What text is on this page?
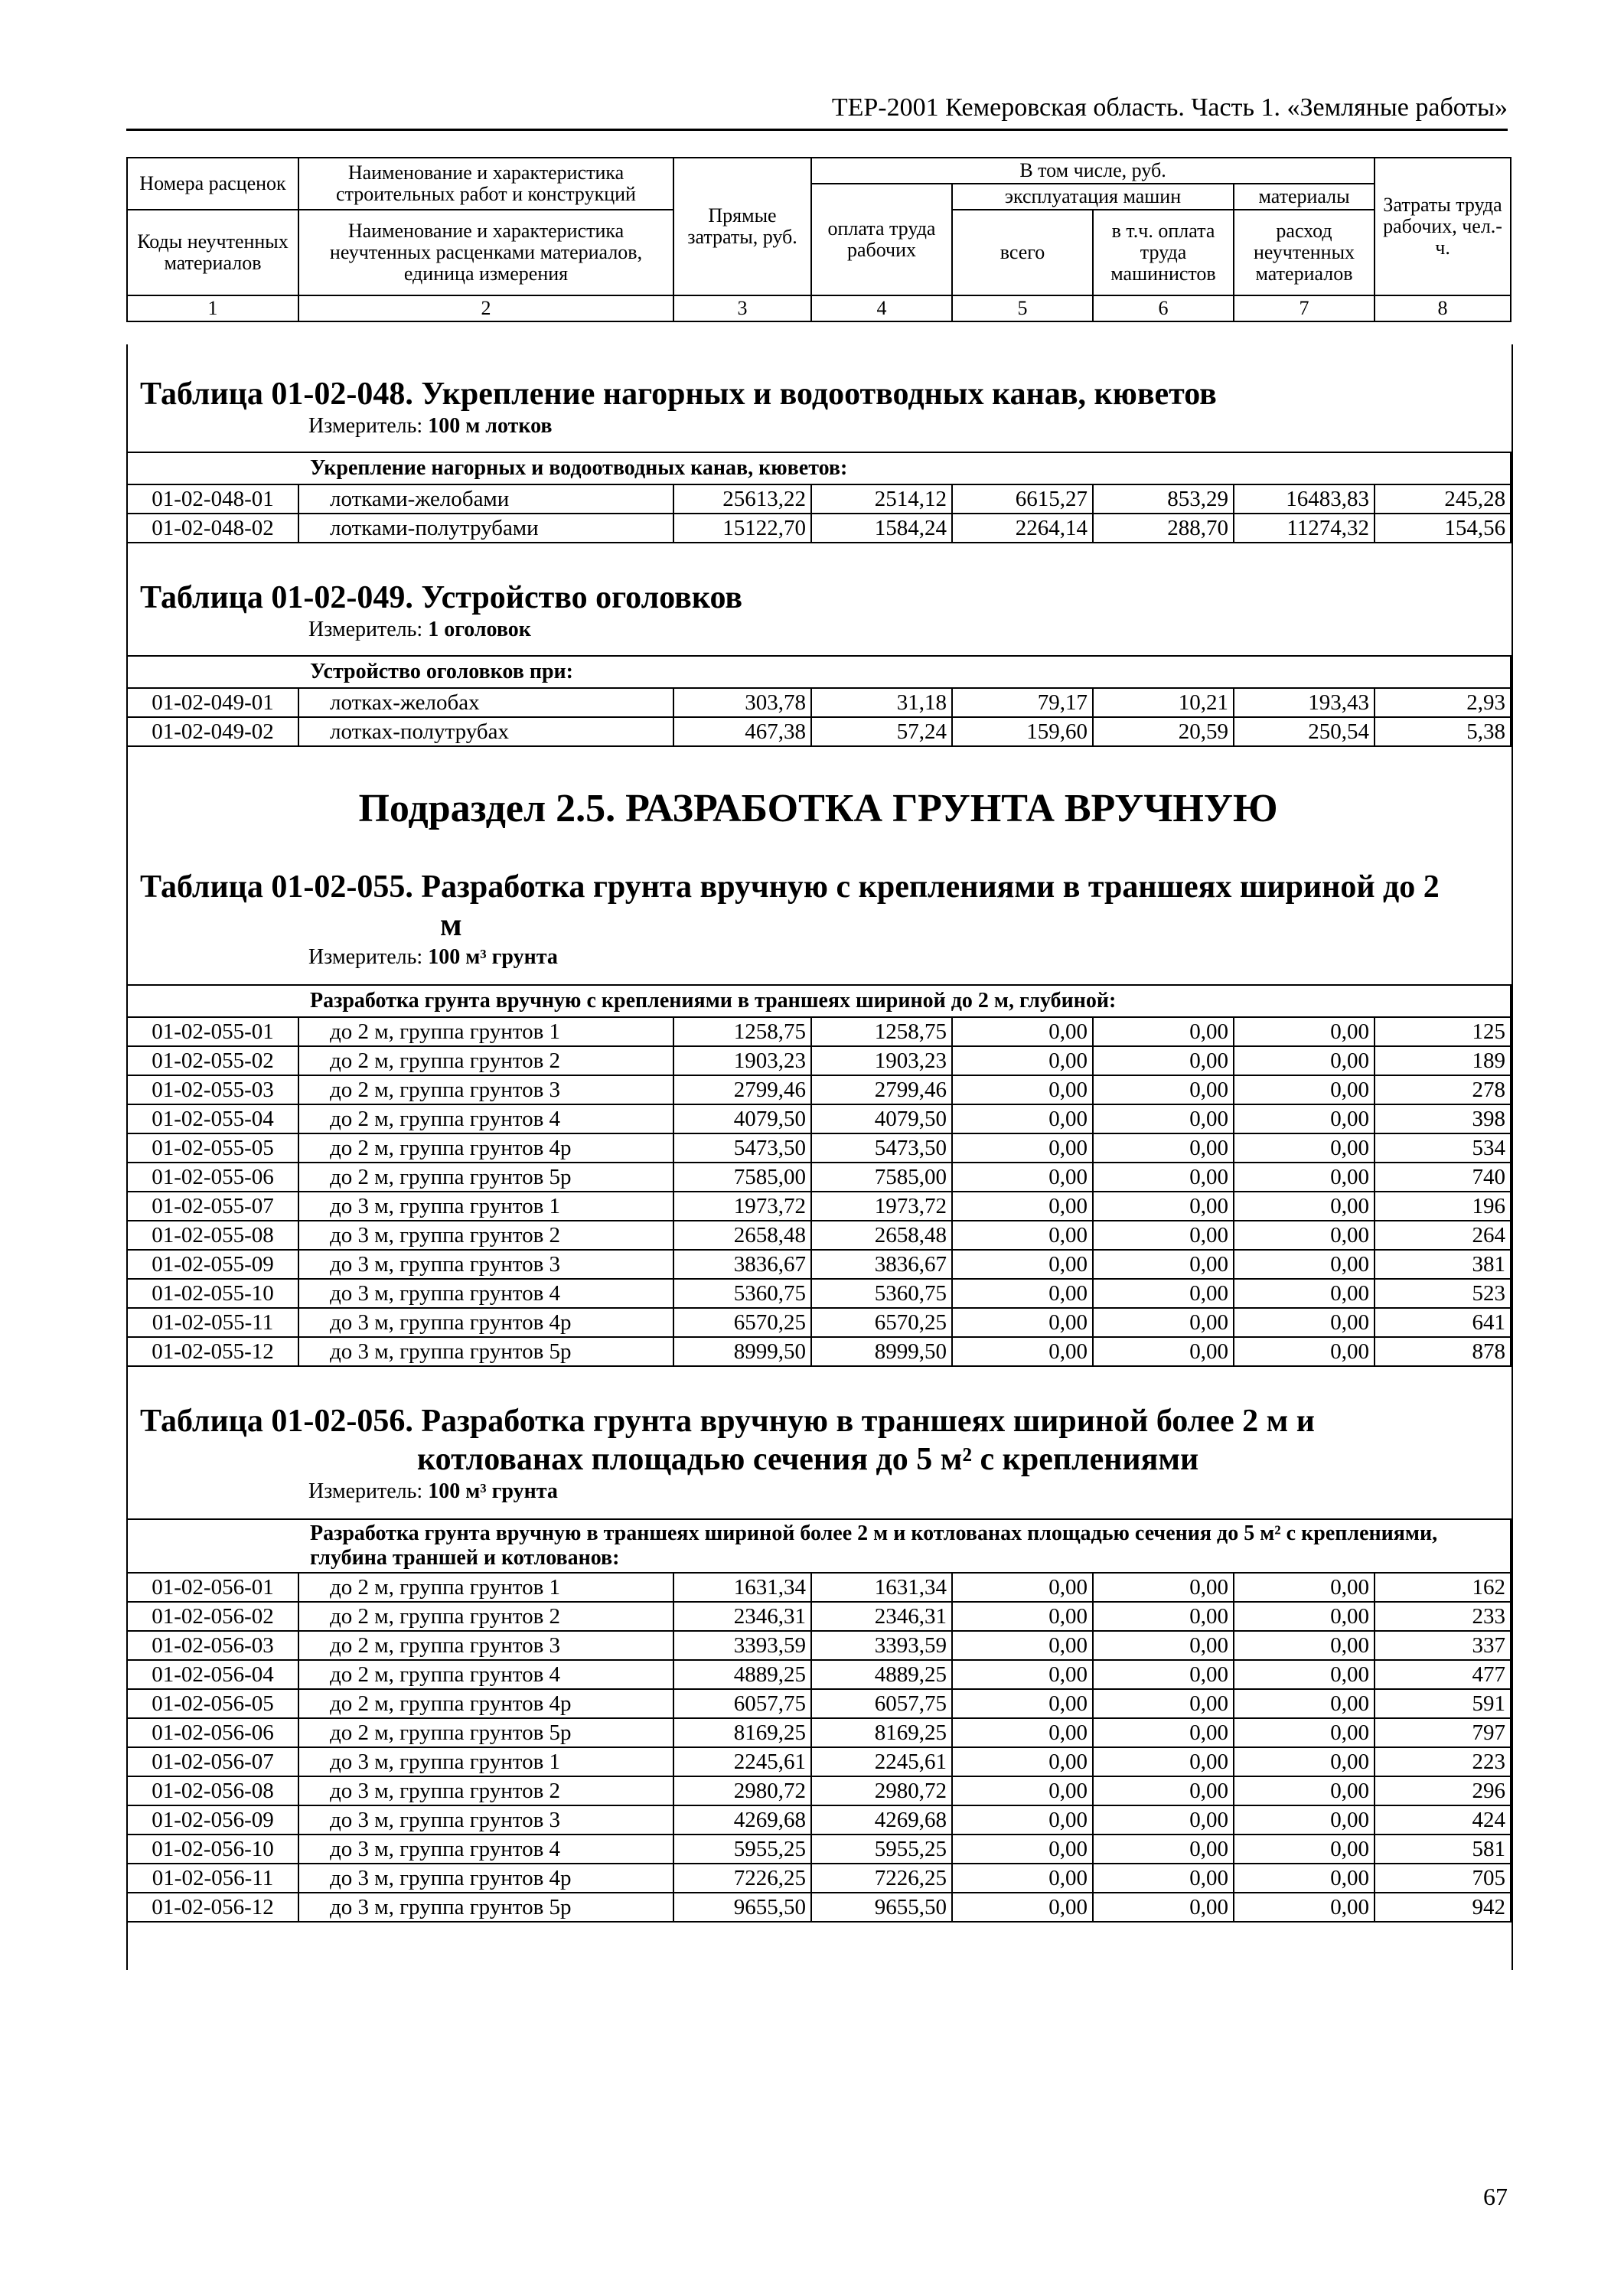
ТЕР-2001 Кемеровская область. Часть 1. «Земляные работы»
Номера расценок	Наименование и характеристика строительных работ и конструкций	Прямые затраты, руб.	В том числе, руб.				Затраты труда рабочих, чел.-ч.
			оплата труда рабочих	эксплуатация машин		материалы	
Коды неучтенных материалов	Наименование и характеристика неучтенных расценками материалов, единица измерения			всего	в т.ч. оплата труда машинистов	расход неучтенных материалов	

1	2	3	4	5	6	7	8
Таблица 01-02-048. Укрепление нагорных и водоотводных канав, кюветов
Измеритель: 100 м лотков
Укрепление нагорных и водоотводных канав, кюветов:							
01-02-048-01	лотками-желобами	25613,22	2514,12	6615,27	853,29	16483,83	245,28
01-02-048-02	лотками-полутрубами	15122,70	1584,24	2264,14	288,70	11274,32	154,56
Таблица 01-02-049. Устройство оголовков
Измеритель: 1 оголовок
Устройство оголовков при:							
01-02-049-01	лотках-желобах	303,78	31,18	79,17	10,21	193,43	2,93
01-02-049-02	лотках-полутрубах	467,38	57,24	159,60	20,59	250,54	5,38
Подраздел 2.5. РАЗРАБОТКА ГРУНТА ВРУЧНУЮ
Таблица 01-02-055. Разработка грунта вручную с креплениями в траншеях шириной до 2
м
Измеритель: 100 м³ грунта
Разработка грунта вручную с креплениями в траншеях шириной до 2 м, глубиной:							
01-02-055-01	до 2 м, группа грунтов 1	1258,75	1258,75	0,00	0,00	0,00	125
01-02-055-02	до 2 м, группа грунтов 2	1903,23	1903,23	0,00	0,00	0,00	189
01-02-055-03	до 2 м, группа грунтов 3	2799,46	2799,46	0,00	0,00	0,00	278
01-02-055-04	до 2 м, группа грунтов 4	4079,50	4079,50	0,00	0,00	0,00	398
01-02-055-05	до 2 м, группа грунтов 4р	5473,50	5473,50	0,00	0,00	0,00	534
01-02-055-06	до 2 м, группа грунтов 5р	7585,00	7585,00	0,00	0,00	0,00	740
01-02-055-07	до 3 м, группа грунтов 1	1973,72	1973,72	0,00	0,00	0,00	196
01-02-055-08	до 3 м, группа грунтов 2	2658,48	2658,48	0,00	0,00	0,00	264
01-02-055-09	до 3 м, группа грунтов 3	3836,67	3836,67	0,00	0,00	0,00	381
01-02-055-10	до 3 м, группа грунтов 4	5360,75	5360,75	0,00	0,00	0,00	523
01-02-055-11	до 3 м, группа грунтов 4р	6570,25	6570,25	0,00	0,00	0,00	641
01-02-055-12	до 3 м, группа грунтов 5р	8999,50	8999,50	0,00	0,00	0,00	878
Таблица 01-02-056. Разработка грунта вручную в траншеях шириной более 2 м и
котлованах площадью сечения до 5 м² с креплениями
Измеритель: 100 м³ грунта
Разработка грунта вручную в траншеях шириной более 2 м и котлованах площадью сечения до 5 м² с креплениями, глубина траншей и котлованов:							
01-02-056-01	до 2 м, группа грунтов 1	1631,34	1631,34	0,00	0,00	0,00	162
01-02-056-02	до 2 м, группа грунтов 2	2346,31	2346,31	0,00	0,00	0,00	233
01-02-056-03	до 2 м, группа грунтов 3	3393,59	3393,59	0,00	0,00	0,00	337
01-02-056-04	до 2 м, группа грунтов 4	4889,25	4889,25	0,00	0,00	0,00	477
01-02-056-05	до 2 м, группа грунтов 4р	6057,75	6057,75	0,00	0,00	0,00	591
01-02-056-06	до 2 м, группа грунтов 5р	8169,25	8169,25	0,00	0,00	0,00	797
01-02-056-07	до 3 м, группа грунтов 1	2245,61	2245,61	0,00	0,00	0,00	223
01-02-056-08	до 3 м, группа грунтов 2	2980,72	2980,72	0,00	0,00	0,00	296
01-02-056-09	до 3 м, группа грунтов 3	4269,68	4269,68	0,00	0,00	0,00	424
01-02-056-10	до 3 м, группа грунтов 4	5955,25	5955,25	0,00	0,00	0,00	581
01-02-056-11	до 3 м, группа грунтов 4р	7226,25	7226,25	0,00	0,00	0,00	705
01-02-056-12	до 3 м, группа грунтов 5р	9655,50	9655,50	0,00	0,00	0,00	942
67
